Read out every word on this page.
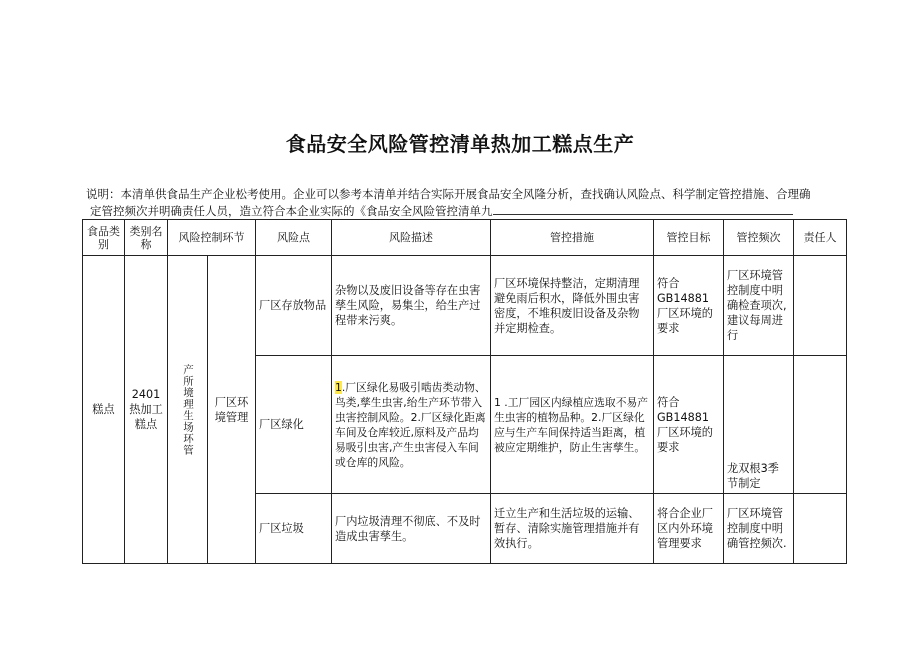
食品安全风险管控清单热加工糕点生产
说明：本清单供食品生产企业松考使用。企业可以参考本清单并结合实际开展食品安全风隆分析，查找确认风险点、科学制定管控措施、合理确
定管控频次并明确责任人员，造立符合本企业实际的《食品安全风险管控清单九
食品类别	类别名称	风险控制环节		风险点	风险描述	管控措施	管控目标	管控频次	责任人
糕点	2401热加工糕点	产所境理生场环管	厂区环境管理	厂区存放物品	杂物以及废旧设备等存在虫害孳生风险，易集尘，给生产过程带来污爽。	厂区环境保持整洁，定期清理避免雨后积水，降低外围虫害密度，不堆积废旧设备及杂物并定期检查。	符合GB14881厂区环境的要求	厂区环境管控制度中明确检查项次,建议每周进行	
				厂区绿化	1.厂区绿化易吸引啮齿类动物、鸟类,孳生虫害,绐生产环节带入虫害控制风险。2.厂区绿化距离车间及仓库较近,原料及产品均易吸引虫害,产生虫害侵入车间或仓库的风险。	1 .工厂园区内绿植应选取不易产生虫害的植物品种。2.厂区绿化应与生产车间保持适当距离，植被应定期维护，防止生害孳生。	符合GB14881厂区环境的要求	龙双根3季节制定	
				厂区垃圾	厂内垃圾清理不彻底、不及时造成虫害孳生。	迁立生产和生活垃圾的运输、暂存、清除实施管理措施并有效执行。	将合企业厂区内外环境管理要求	厂区环境管控制度中明确管控频次.	
